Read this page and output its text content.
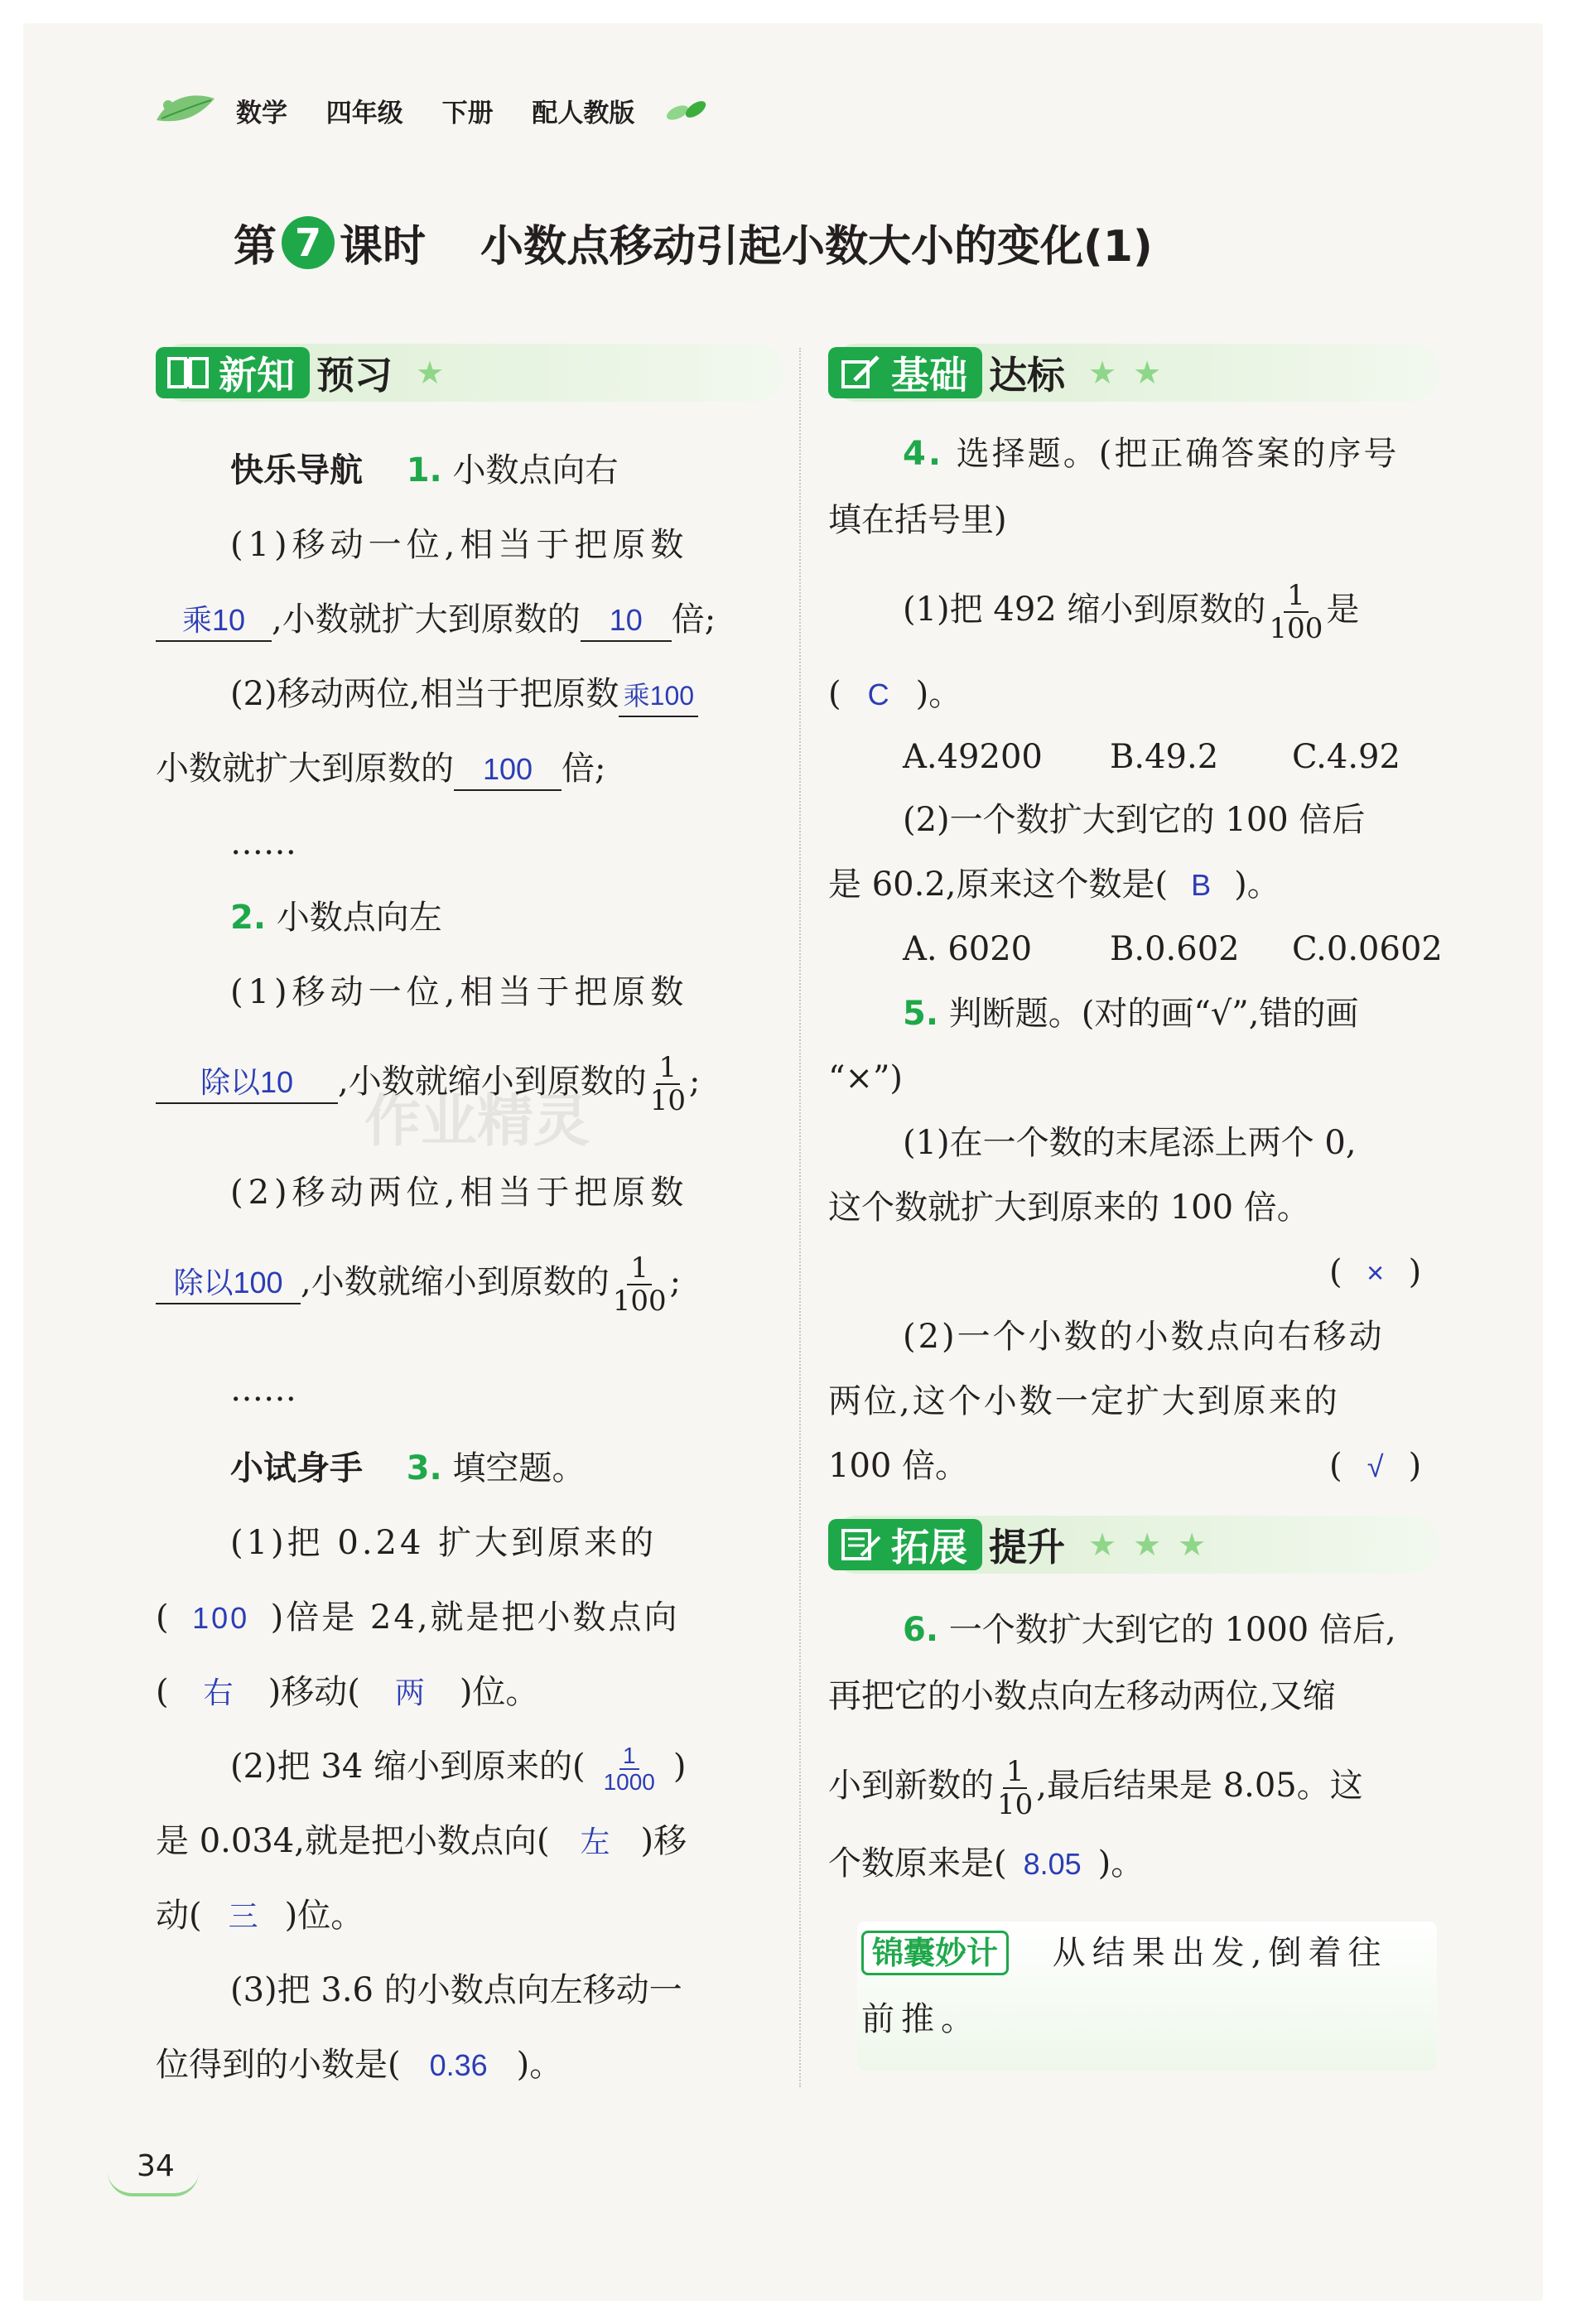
数学 四年级 下册 配人教版
第 7 课时 小数点移动引起小数大小的变化(1)
作业精灵
新知 预习 ★
快乐导航 1. 小数点向右
(1)移动一位,相当于把原数
乘10 ,小数就扩大到原数的 10 倍;
(2)移动两位,相当于把原数 乘100
小数就扩大到原数的 100 倍;
……
2. 小数点向左
(1)移动一位,相当于把原数
除以10 ,小数就缩小到原数的 $\frac{1}{10}$ ;
(2)移动两位,相当于把原数
除以100 ,小数就缩小到原数的 $\frac{1}{100}$ ;
……
小试身手 3. 填空题。
(1)把 0.24 扩大到原来的
( 100 )倍是 24,就是把小数点向
( 右 )移动( 两 )位。
(2)把 34 缩小到原来的( $\frac{1}{1000}$ )
是 0.034,就是把小数点向( 左 )移
动( 三 )位。
(3)把 3.6 的小数点向左移动一
位得到的小数是( 0.36 )。
基础 达标 ★★
4. 选择题。(把正确答案的序号
填在括号里)
(1)把 492 缩小到原数的 $\frac{1}{100}$ 是
( C )。
A.49200 B.49.2 C.4.92
(2)一个数扩大到它的 100 倍后
是 60.2,原来这个数是( B )。
A. 6020 B.0.602 C.0.0602
5. 判断题。(对的画“√”,错的画
“×”)
(1)在一个数的末尾添上两个 0,
这个数就扩大到原来的 100 倍。
( × )
(2)一个小数的小数点向右移动
两位,这个小数一定扩大到原来的
100 倍。	( √ )
拓展 提升 ★★★
6. 一个数扩大到它的 1000 倍后,
再把它的小数点向左移动两位,又缩
小到新数的 $\frac{1}{10}$ ,最后结果是 8.05。这
个数原来是( 8.05 )。
锦囊妙计 从结果出发,倒着往
前推。
34
